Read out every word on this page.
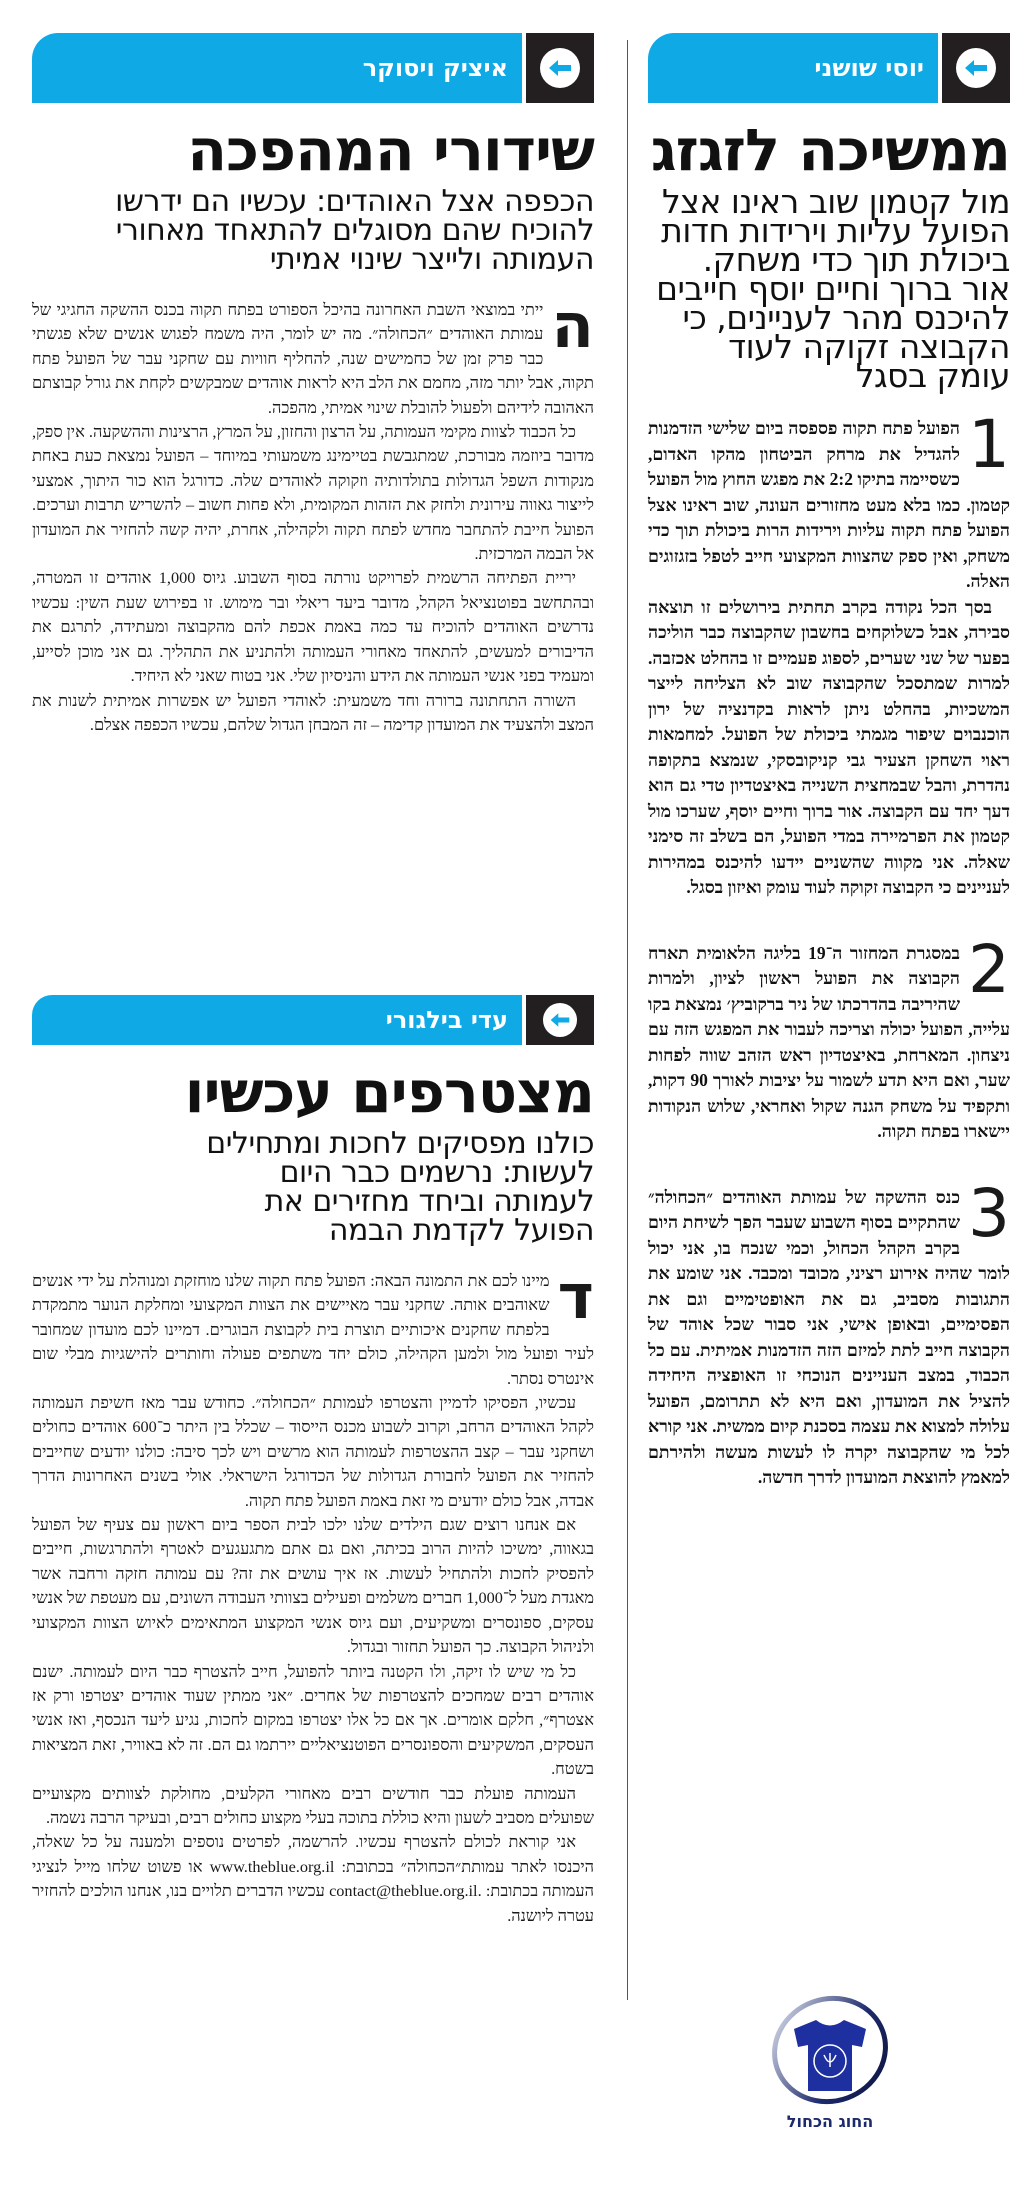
יוסי שושני
ממשיכה לזגזג
מול קטמון שוב ראינו אצל הפועל עליות וירידות חדות ביכולת תוך כדי משחק. אור ברוך וחיים יוסף חייבים להיכנס מהר לעניינים, כי הקבוצה זקוקה לעוד עומק בסגל

1
הפועל פתח תקוה פספסה ביום שלישי הזדמנות להגדיל את מרחק הביטחון מהקו האדום, כשסיימה בתיקו 2:2 את מפגש החוץ מול הפועל קטמון. כמו בלא מעט מחזורים העונה, שוב ראינו אצל הפועל פתח תקוה עליות וירידות הרות ביכולת תוך כדי משחק, ואין ספק שהצוות המקצועי חייב לטפל בזגזוגים האלה.

בסך הכל נקודה בקרב תחתית בירושלים זו תוצאה סבירה, אבל כשלוקחים בחשבון שהקבוצה כבר הוליכה בפער של שני שערים, לספוג פעמיים זו בהחלט אכזבה. למרות שמתסכל שהקבוצה שוב לא הצליחה לייצר המשכיות, בהחלט ניתן לראות בקדנציה של ירון הוכנבוים שיפור מגמתי ביכולת של הפועל. למחמאות ראוי השחקן הצעיר גבי קניקובסקי, שנמצא בתקופה נהדרת, והבל שבמחצית השנייה באיצטדיון טדי גם הוא דעך יחד עם הקבוצה. אור ברוך וחיים יוסף, שערכו מול קטמון את הפרמיירה במדי הפועל, הם בשלב זה סימני שאלה. אני מקווה שהשניים יידעו להיכנס במהירות לעניינים כי הקבוצה זקוקה לעוד עומק ואיזון בסגל.

2
במסגרת המחזור ה־19 בליגה הלאומית תארח הקבוצה את הפועל ראשון לציון, ולמרות שהיריבה בהדרכתו של ניר ברקוביץ׳ נמצאת בקו עלייה, הפועל יכולה וצריכה לעבור את המפגש הזה עם ניצחון. המארחת, באיצטדיון ראש הזהב שווה לפחות שער, ואם היא תדע לשמור על יציבות לאורך 90 דקות, ותקפיד על משחק הגנה שקול ואחראי, שלוש הנקודות יישארו בפתח תקוה.

3
כנס ההשקה של עמותת האוהדים ״הכחולה״ שהתקיים בסוף השבוע שעבר הפך לשיחת היום בקרב הקהל הכחול, וכמי שנכח בו, אני יכול לומר שהיה אירוע רציני, מכובד ומכבד. אני שומע את התגובות מסביב, גם את האופטימיים וגם את הפסימיים, ובאופן אישי, אני סבור שכל אוהד של הקבוצה חייב לתת למיזם הזה הזדמנות אמיתית. עם כל הכבוד, במצב העניינים הנוכחי זו האופציה היחידה להציל את המועדון, ואם היא לא תתרומם, הפועל עלולה למצוא את עצמה בסכנת קיום ממשית. אני קורא לכל מי שהקבוצה יקרה לו לעשות מעשה ולהירתם למאמץ להוצאת המועדון לדרך חדשה.

איציק ויסוקר
שידורי המהפכה
הכפפה אצל האוהדים: עכשיו הם ידרשו להוכיח שהם מסוגלים להתאחד מאחורי העמותה ולייצר שינוי אמיתי

ה
ייתי במוצאי השבת האחרונה בהיכל הספורט בפתח תקוה בכנס ההשקה החגיגי של עמותת האוהדים ״הכחולה״. מה יש לומר, היה משמח לפגוש אנשים שלא פגשתי כבר פרק זמן של כחמישים שנה, להחליף חוויות עם שחקני עבר של הפועל פתח תקוה, אבל יותר מזה, מחמם את הלב היא לראות אוהדים שמבקשים לקחת את גורל קבוצתם האהובה לידיהם ולפעול להובלת שינוי אמיתי, מהפכה.

כל הכבוד לצוות מקימי העמותה, על הרצון והחזון, על המרץ, הרצינות וההשקעה. אין ספק, מדובר ביוזמה מבורכת, שמתגבשת בטיימינג משמעותי במיוחד – הפועל נמצאת כעת באחת מנקודות השפל הגדולות בתולדותיה וזקוקה לאוהדים שלה. כדורגל הוא כור היתוך, אמצעי לייצור גאווה עירונית ולחזק את הזהות המקומית, ולא פחות חשוב – להשריש תרבות וערכים. הפועל חייבת להתחבר מחדש לפתח תקוה ולקהילה, אחרת, יהיה קשה להחזיר את המועדון אל הבמה המרכזית.

יריית הפתיחה הרשמית לפרויקט נורתה בסוף השבוע. גיוס 1,000 אוהדים זו המטרה, ובהתחשב בפוטנציאל הקהל, מדובר ביעד ריאלי ובר מימוש. זו בפירוש שעת השין: עכשיו נדרשים האוהדים להוכיח עד כמה באמת אכפת להם מהקבוצה ומעתידה, לתרגם את הדיבורים למעשים, להתאחד מאחורי העמותה ולהתניע את התהליך. גם אני מוכן לסייע, ומעמיד בפני אנשי העמותה את הידע והניסיון שלי. אני בטוח שאני לא היחיד.

השורה התחתונה ברורה וחד משמעית: לאוהדי הפועל יש אפשרות אמיתית לשנות את המצב ולהצעיד את המועדון קדימה – זה המבחן הגדול שלהם, עכשיו הכפפה אצלם.

עדי בילגורי
מצטרפים עכשיו
כולנו מפסיקים לחכות ומתחילים לעשות: נרשמים כבר היום לעמותה וביחד מחזירים את הפועל לקדמת הבמה

ד
מיינו לכם את התמונה הבאה: הפועל פתח תקוה שלנו מוחזקת ומנוהלת על ידי אנשים שאוהבים אותה. שחקני עבר מאיישים את הצוות המקצועי ומחלקת הנוער מתמקדת בלפתח שחקנים איכותיים תוצרת בית לקבוצת הבוגרים. דמיינו לכם מועדון שמחובר לעיר ופועל מול ולמען הקהילה, כולם יחד משתפים פעולה וחותרים להישגיות מבלי שום אינטרס נסתר.

עכשיו, הפסיקו לדמיין והצטרפו לעמותת ״הכחולה״. כחודש עבר מאז חשיפת העמותה לקהל האוהדים הרחב, וקרוב לשבוע מכנס הייסוד – שכלל בין היתר כ־600 אוהדים כחולים ושחקני עבר – קצב ההצטרפות לעמותה הוא מרשים ויש לכך סיבה: כולנו יודעים שחייבים להחזיר את הפועל לחבורת הגדולות של הכדורגל הישראלי. אולי בשנים האחרונות הדרך אבדה, אבל כולם יודעים מי זאת באמת הפועל פתח תקוה.

אם אנחנו רוצים שגם הילדים שלנו ילכו לבית הספר ביום ראשון עם צעיף של הפועל בגאווה, ימשיכו להיות הרוב בכיתה, ואם גם אתם מתגעגעים לאטרף ולהתרגשות, חייבים להפסיק לחכות ולהתחיל לעשות. אז איך עושים את זה? עם עמותה חזקה ורחבה אשר מאגדת מעל ל־1,000 חברים משלמים ופעילים בצוותי העבודה השונים, עם מעטפת של אנשי עסקים, ספונסרים ומשקיעים, ועם גיוס אנשי המקצוע המתאימים לאיוש הצוות המקצועי ולניהול הקבוצה. כך הפועל תחזור ובגדול.

כל מי שיש לו זיקה, ולו הקטנה ביותר להפועל, חייב להצטרף כבר היום לעמותה. ישנם אוהדים רבים שמחכים להצטרפות של אחרים. ״אני ממתין שעוד אוהדים יצטרפו ורק אז אצטרף״, חלקם אומרים. אך אם כל אלו יצטרפו במקום לחכות, נגיע ליעד הנכסף, ואז אנשי העסקים, המשקיעים והספונסרים הפוטנציאליים יירתמו גם הם. זה לא באוויר, זאת המציאות בשטח.

העמותה פועלת כבר חודשים רבים מאחורי הקלעים, מחולקת לצוותים מקצועיים שפועלים מסביב לשעון והיא כוללת בתוכה בעלי מקצוע כחולים רבים, ובעיקר הרבה נשמה.

אני קוראת לכולם להצטרף עכשיו. להרשמה, לפרטים נוספים ולמענה על כל שאלה, היכנסו לאתר עמותת״הכחולה״ בכתובת: www.theblue.org.il או פשוט שלחו מייל לנציגי העמותה בכתובת: contact@theblue.org.il. עכשיו הדברים תלויים בנו, אנחנו הולכים להחזיר עטרה ליושנה.

החוג הכחול
